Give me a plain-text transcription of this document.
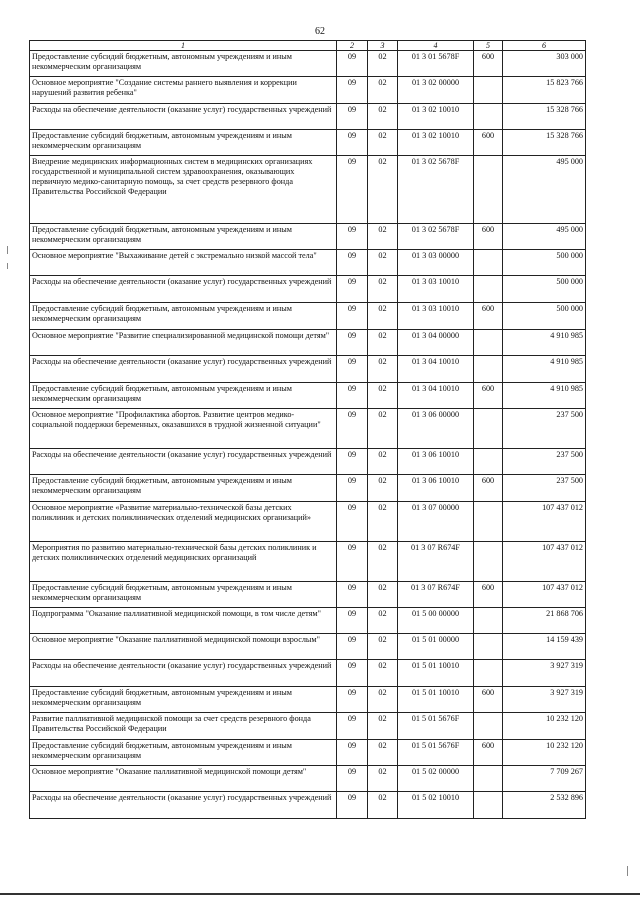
62
1	2	3	4	5	6
Предоставление субсидий бюджетным, автономным учреждениям и иным некоммерческим организациям	09	02	01 3 01 5678F	600	303 000
Основное мероприятие "Создание системы раннего выявления и коррекции нарушений развития ребенка"	09	02	01 3 02 00000		15 823 766
Расходы на обеспечение деятельности (оказание услуг) государственных учреждений	09	02	01 3 02 10010		15 328 766
Предоставление субсидий бюджетным, автономным учреждениям и иным некоммерческим организациям	09	02	01 3 02 10010	600	15 328 766
Внедрение медицинских информационных систем в медицинских организациях государственной и муниципальной систем здравоохранения, оказывающих первичную медико-санитарную помощь, за счет средств резервного фонда Правительства Российской Федерации	09	02	01 3 02 5678F		495 000
Предоставление субсидий бюджетным, автономным учреждениям и иным некоммерческим организациям	09	02	01 3 02 5678F	600	495 000
Основное мероприятие "Выхаживание детей с экстремально низкой массой тела"	09	02	01 3 03 00000		500 000
Расходы на обеспечение деятельности (оказание услуг) государственных учреждений	09	02	01 3 03 10010		500 000
Предоставление субсидий бюджетным, автономным учреждениям и иным некоммерческим организациям	09	02	01 3 03 10010	600	500 000
Основное мероприятие "Развитие специализированной медицинской помощи детям"	09	02	01 3 04 00000		4 910 985
Расходы на обеспечение деятельности (оказание услуг) государственных учреждений	09	02	01 3 04 10010		4 910 985
Предоставление субсидий бюджетным, автономным учреждениям и иным некоммерческим организациям	09	02	01 3 04 10010	600	4 910 985
Основное мероприятие "Профилактика абортов. Развитие центров медико-социальной поддержки беременных, оказавшихся в трудной жизненной ситуации"	09	02	01 3 06 00000		237 500
Расходы на обеспечение деятельности (оказание услуг) государственных учреждений	09	02	01 3 06 10010		237 500
Предоставление субсидий бюджетным, автономным учреждениям и иным некоммерческим организациям	09	02	01 3 06 10010	600	237 500
Основное мероприятие «Развитие материально-технической базы детских поликлиник и детских поликлинических отделений медицинских организаций»	09	02	01 3 07 00000		107 437 012
Мероприятия по развитию материально-технической базы детских поликлиник и детских поликлинических отделений медицинских организаций	09	02	01 3 07 R674F		107 437 012
Предоставление субсидий бюджетным, автономным учреждениям и иным некоммерческим организациям	09	02	01 3 07 R674F	600	107 437 012
Подпрограмма "Оказание паллиативной медицинской помощи, в том числе детям"	09	02	01 5 00 00000		21 868 706
Основное мероприятие "Оказание паллиативной медицинской помощи взрослым"	09	02	01 5 01 00000		14 159 439
Расходы на обеспечение деятельности (оказание услуг) государственных учреждений	09	02	01 5 01 10010		3 927 319
Предоставление субсидий бюджетным, автономным учреждениям и иным некоммерческим организациям	09	02	01 5 01 10010	600	3 927 319
Развитие паллиативной медицинской помощи за счет средств резервного фонда Правительства Российской Федерации	09	02	01 5 01 5676F		10 232 120
Предоставление субсидий бюджетным, автономным учреждениям и иным некоммерческим организациям	09	02	01 5 01 5676F	600	10 232 120
Основное мероприятие "Оказание паллиативной медицинской помощи детям"	09	02	01 5 02 00000		7 709 267
Расходы на обеспечение деятельности (оказание услуг) государственных учреждений	09	02	01 5 02 10010		2 532 896
